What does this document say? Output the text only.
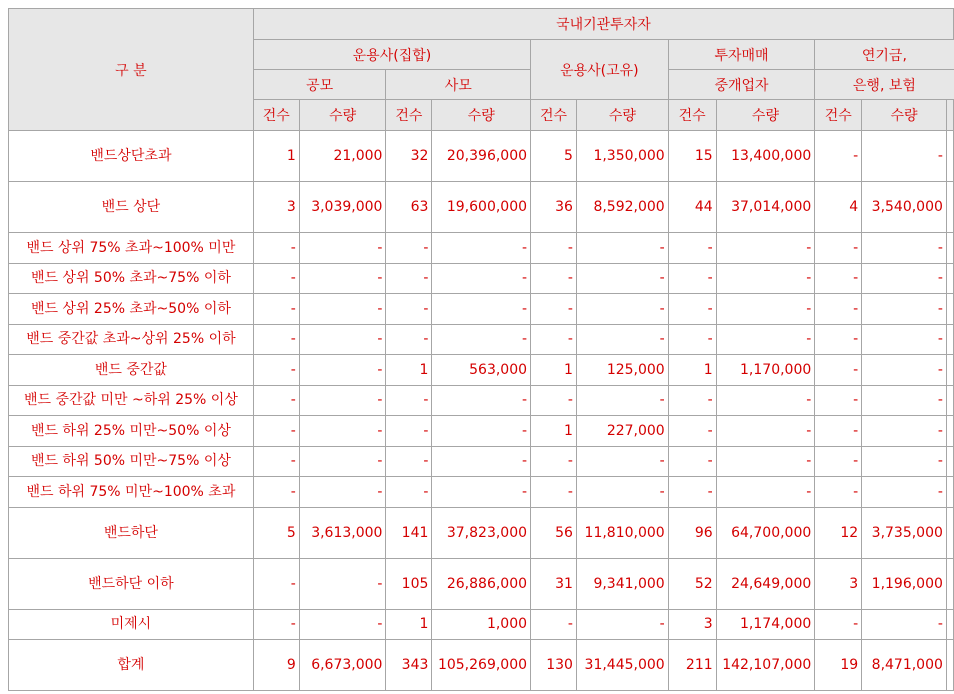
구 분	국내기관투자자										
	운용사(집합)				운용사(고유)		투자매매		연기금,		
	공모		사모				중개업자		은행, 보험		
	건수	수량	건수	수량	건수	수량	건수	수량	건수	수량	
밴드상단초과	1	21,000	32	20,396,000	5	1,350,000	15	13,400,000	-	-	
밴드 상단	3	3,039,000	63	19,600,000	36	8,592,000	44	37,014,000	4	3,540,000	
밴드 상위 75% 초과~100% 미만	-	-	-	-	-	-	-	-	-	-	
밴드 상위 50% 초과~75% 이하	-	-	-	-	-	-	-	-	-	-	
밴드 상위 25% 초과~50% 이하	-	-	-	-	-	-	-	-	-	-	
밴드 중간값 초과~상위 25% 이하	-	-	-	-	-	-	-	-	-	-	
밴드 중간값	-	-	1	563,000	1	125,000	1	1,170,000	-	-	
밴드 중간값 미만 ~하위 25% 이상	-	-	-	-	-	-	-	-	-	-	
밴드 하위 25% 미만~50% 이상	-	-	-	-	1	227,000	-	-	-	-	
밴드 하위 50% 미만~75% 이상	-	-	-	-	-	-	-	-	-	-	
밴드 하위 75% 미만~100% 초과	-	-	-	-	-	-	-	-	-	-	
밴드하단	5	3,613,000	141	37,823,000	56	11,810,000	96	64,700,000	12	3,735,000	
밴드하단 이하	-	-	105	26,886,000	31	9,341,000	52	24,649,000	3	1,196,000	
미제시	-	-	1	1,000	-	-	3	1,174,000	-	-	
합계	9	6,673,000	343	105,269,000	130	31,445,000	211	142,107,000	19	8,471,000	
